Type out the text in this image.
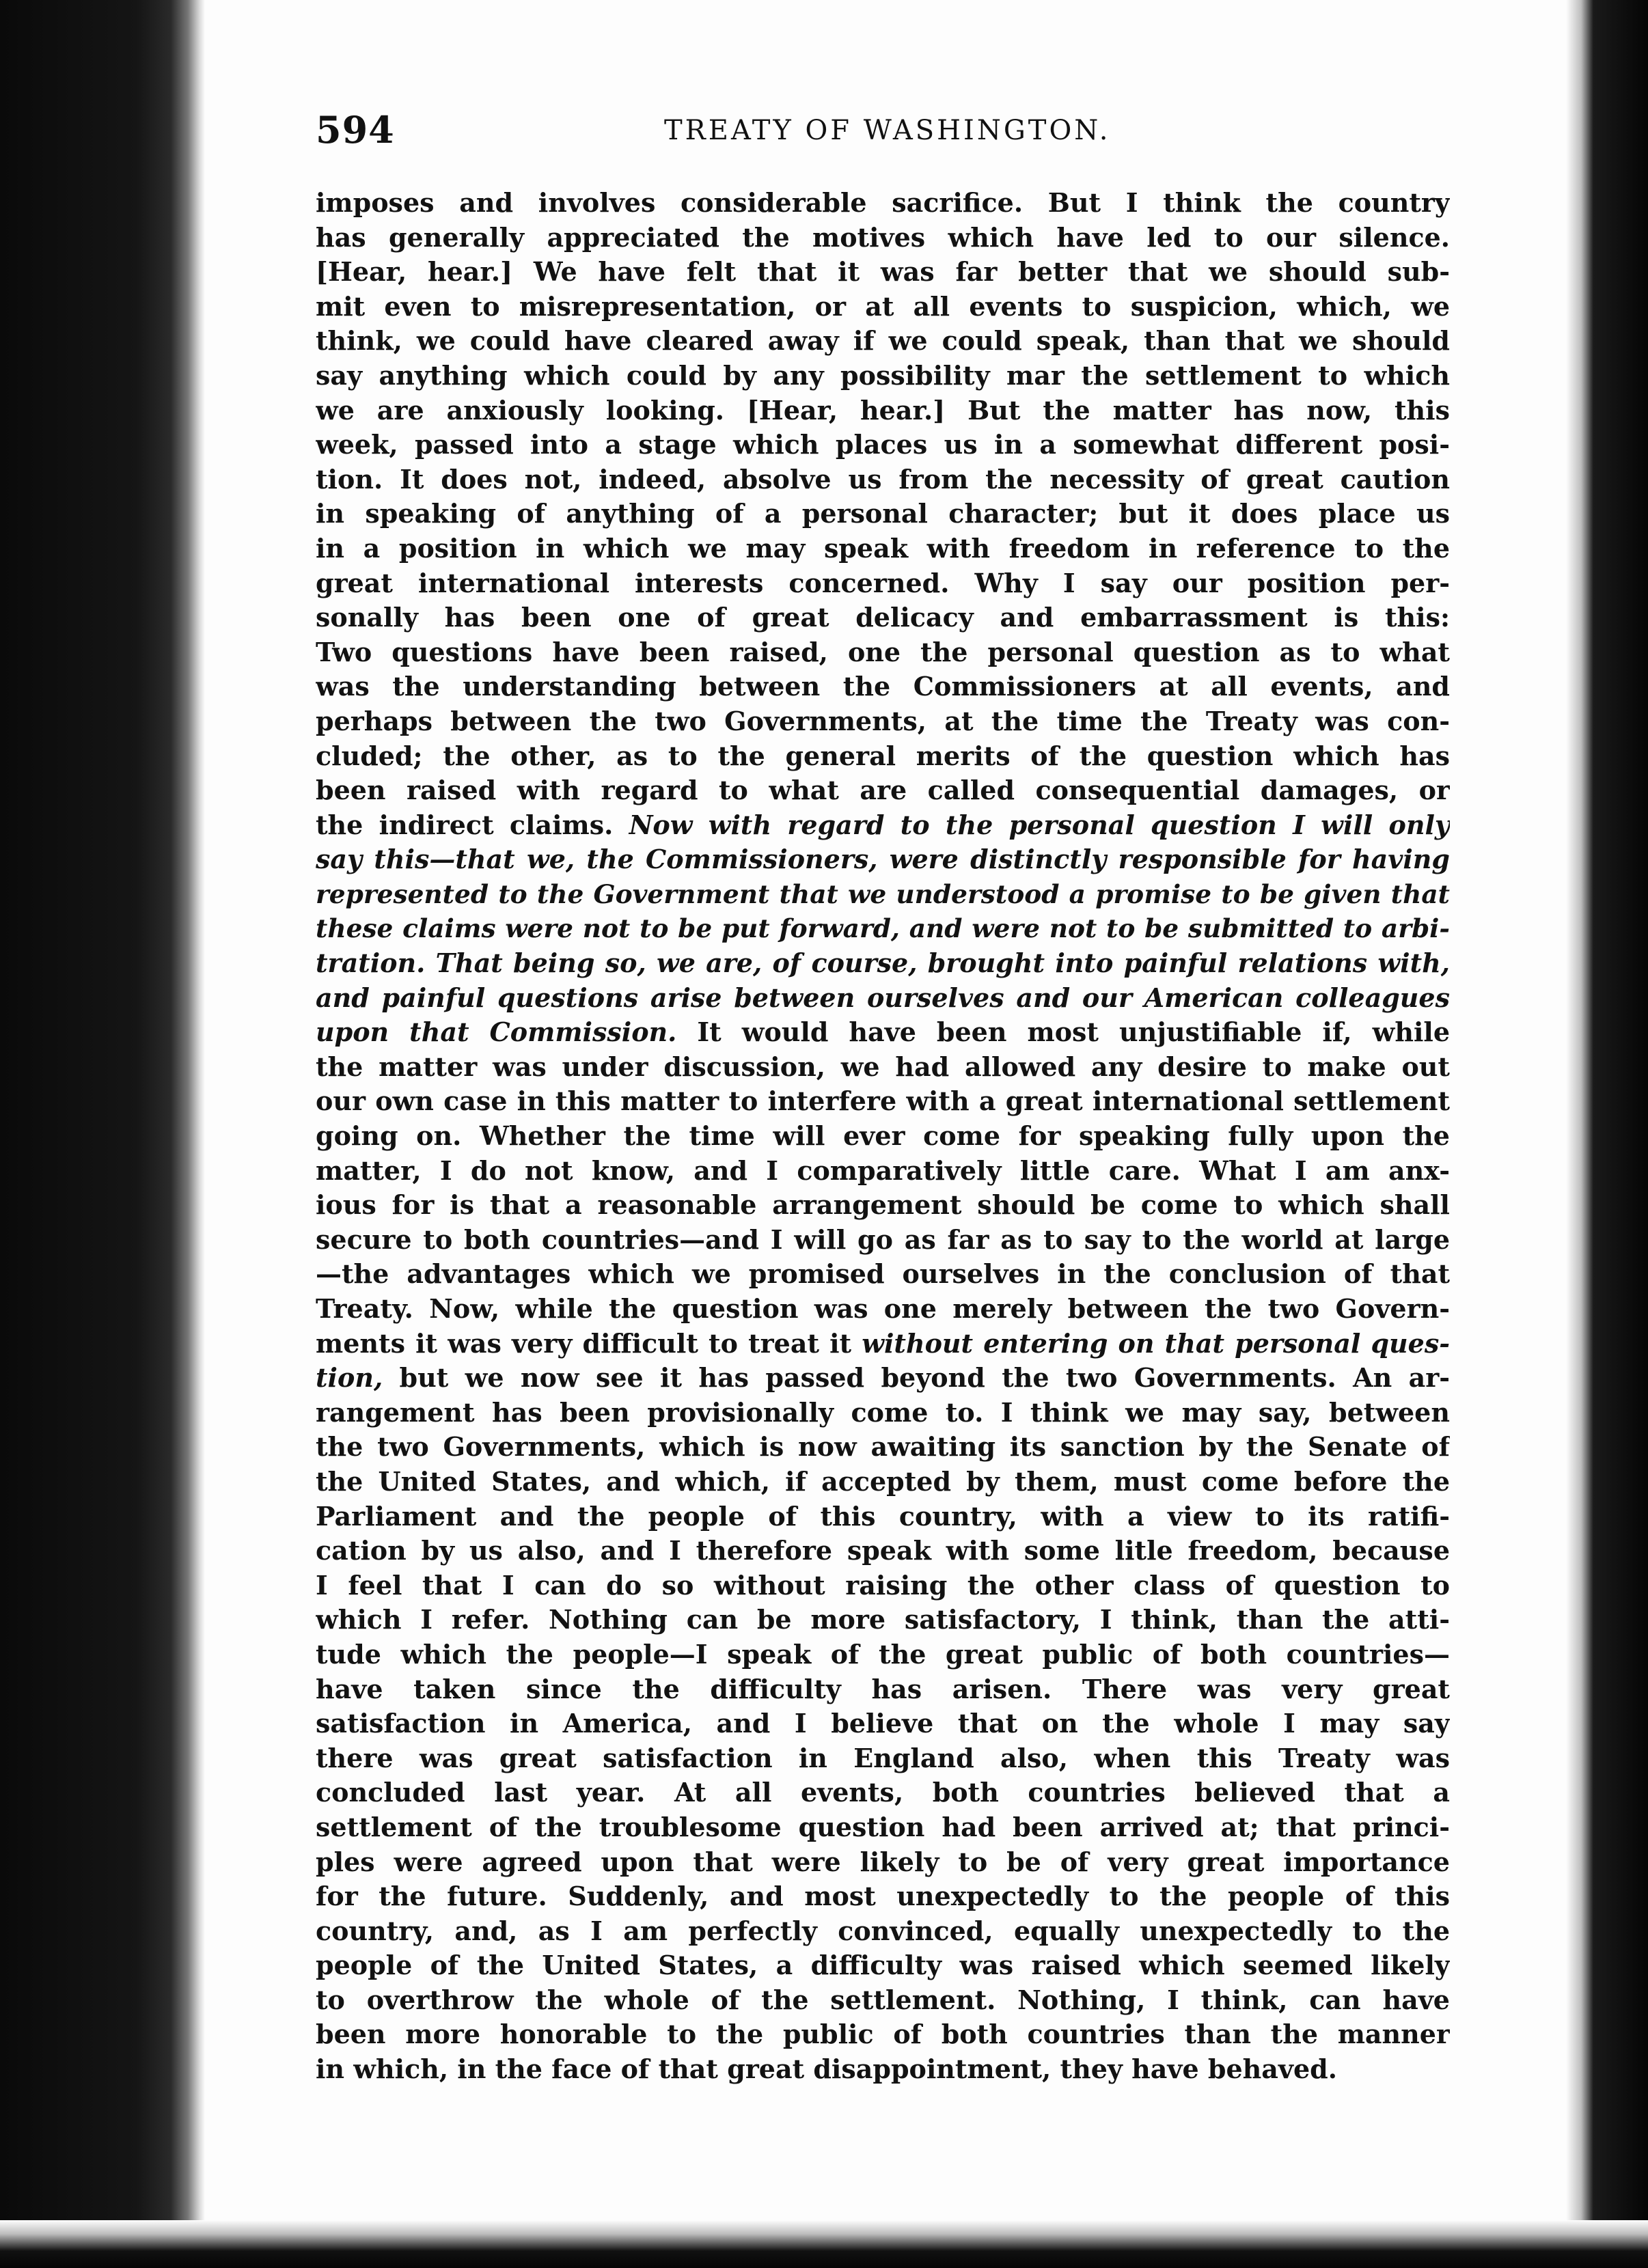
594	TREATY OF WASHINGTON.
imposes and involves considerable sacrifice. But I think the country
has generally appreciated the motives which have led to our silence.
[Hear, hear.] We have felt that it was far better that we should sub-
mit even to misrepresentation, or at all events to suspicion, which, we
think, we could have cleared away if we could speak, than that we should
say anything which could by any possibility mar the settlement to which
we are anxiously looking. [Hear, hear.] But the matter has now, this
week, passed into a stage which places us in a somewhat different posi-
tion. It does not, indeed, absolve us from the necessity of great caution
in speaking of anything of a personal character; but it does place us
in a position in which we may speak with freedom in reference to the
great international interests concerned. Why I say our position per-
sonally has been one of great delicacy and embarrassment is this:
Two questions have been raised, one the personal question as to what
was the understanding between the Commissioners at all events, and
perhaps between the two Governments, at the time the Treaty was con-
cluded; the other, as to the general merits of the question which has
been raised with regard to what are called consequential damages, or
the indirect claims. Now with regard to the personal question I will only
say this—that we, the Commissioners, were distinctly responsible for having
represented to the Government that we understood a promise to be given that
these claims were not to be put forward, and were not to be submitted to arbi-
tration. That being so, we are, of course, brought into painful relations with,
and painful questions arise between ourselves and our American colleagues
upon that Commission. It would have been most unjustifiable if, while
the matter was under discussion, we had allowed any desire to make out
our own case in this matter to interfere with a great international settlement
going on. Whether the time will ever come for speaking fully upon the
matter, I do not know, and I comparatively little care. What I am anx-
ious for is that a reasonable arrangement should be come to which shall
secure to both countries—and I will go as far as to say to the world at large
—the advantages which we promised ourselves in the conclusion of that
Treaty. Now, while the question was one merely between the two Govern-
ments it was very difficult to treat it without entering on that personal ques-
tion, but we now see it has passed beyond the two Governments. An ar-
rangement has been provisionally come to. I think we may say, between
the two Governments, which is now awaiting its sanction by the Senate of
the United States, and which, if accepted by them, must come before the
Parliament and the people of this country, with a view to its ratifi-
cation by us also, and I therefore speak with some litle freedom, because
I feel that I can do so without raising the other class of question to
which I refer. Nothing can be more satisfactory, I think, than the atti-
tude which the people—I speak of the great public of both countries—
have taken since the difficulty has arisen. There was very great
satisfaction in America, and I believe that on the whole I may say
there was great satisfaction in England also, when this Treaty was
concluded last year. At all events, both countries believed that a
settlement of the troublesome question had been arrived at; that princi-
ples were agreed upon that were likely to be of very great importance
for the future. Suddenly, and most unexpectedly to the people of this
country, and, as I am perfectly convinced, equally unexpectedly to the
people of the United States, a difficulty was raised which seemed likely
to overthrow the whole of the settlement. Nothing, I think, can have
been more honorable to the public of both countries than the manner
in which, in the face of that great disappointment, they have behaved.
